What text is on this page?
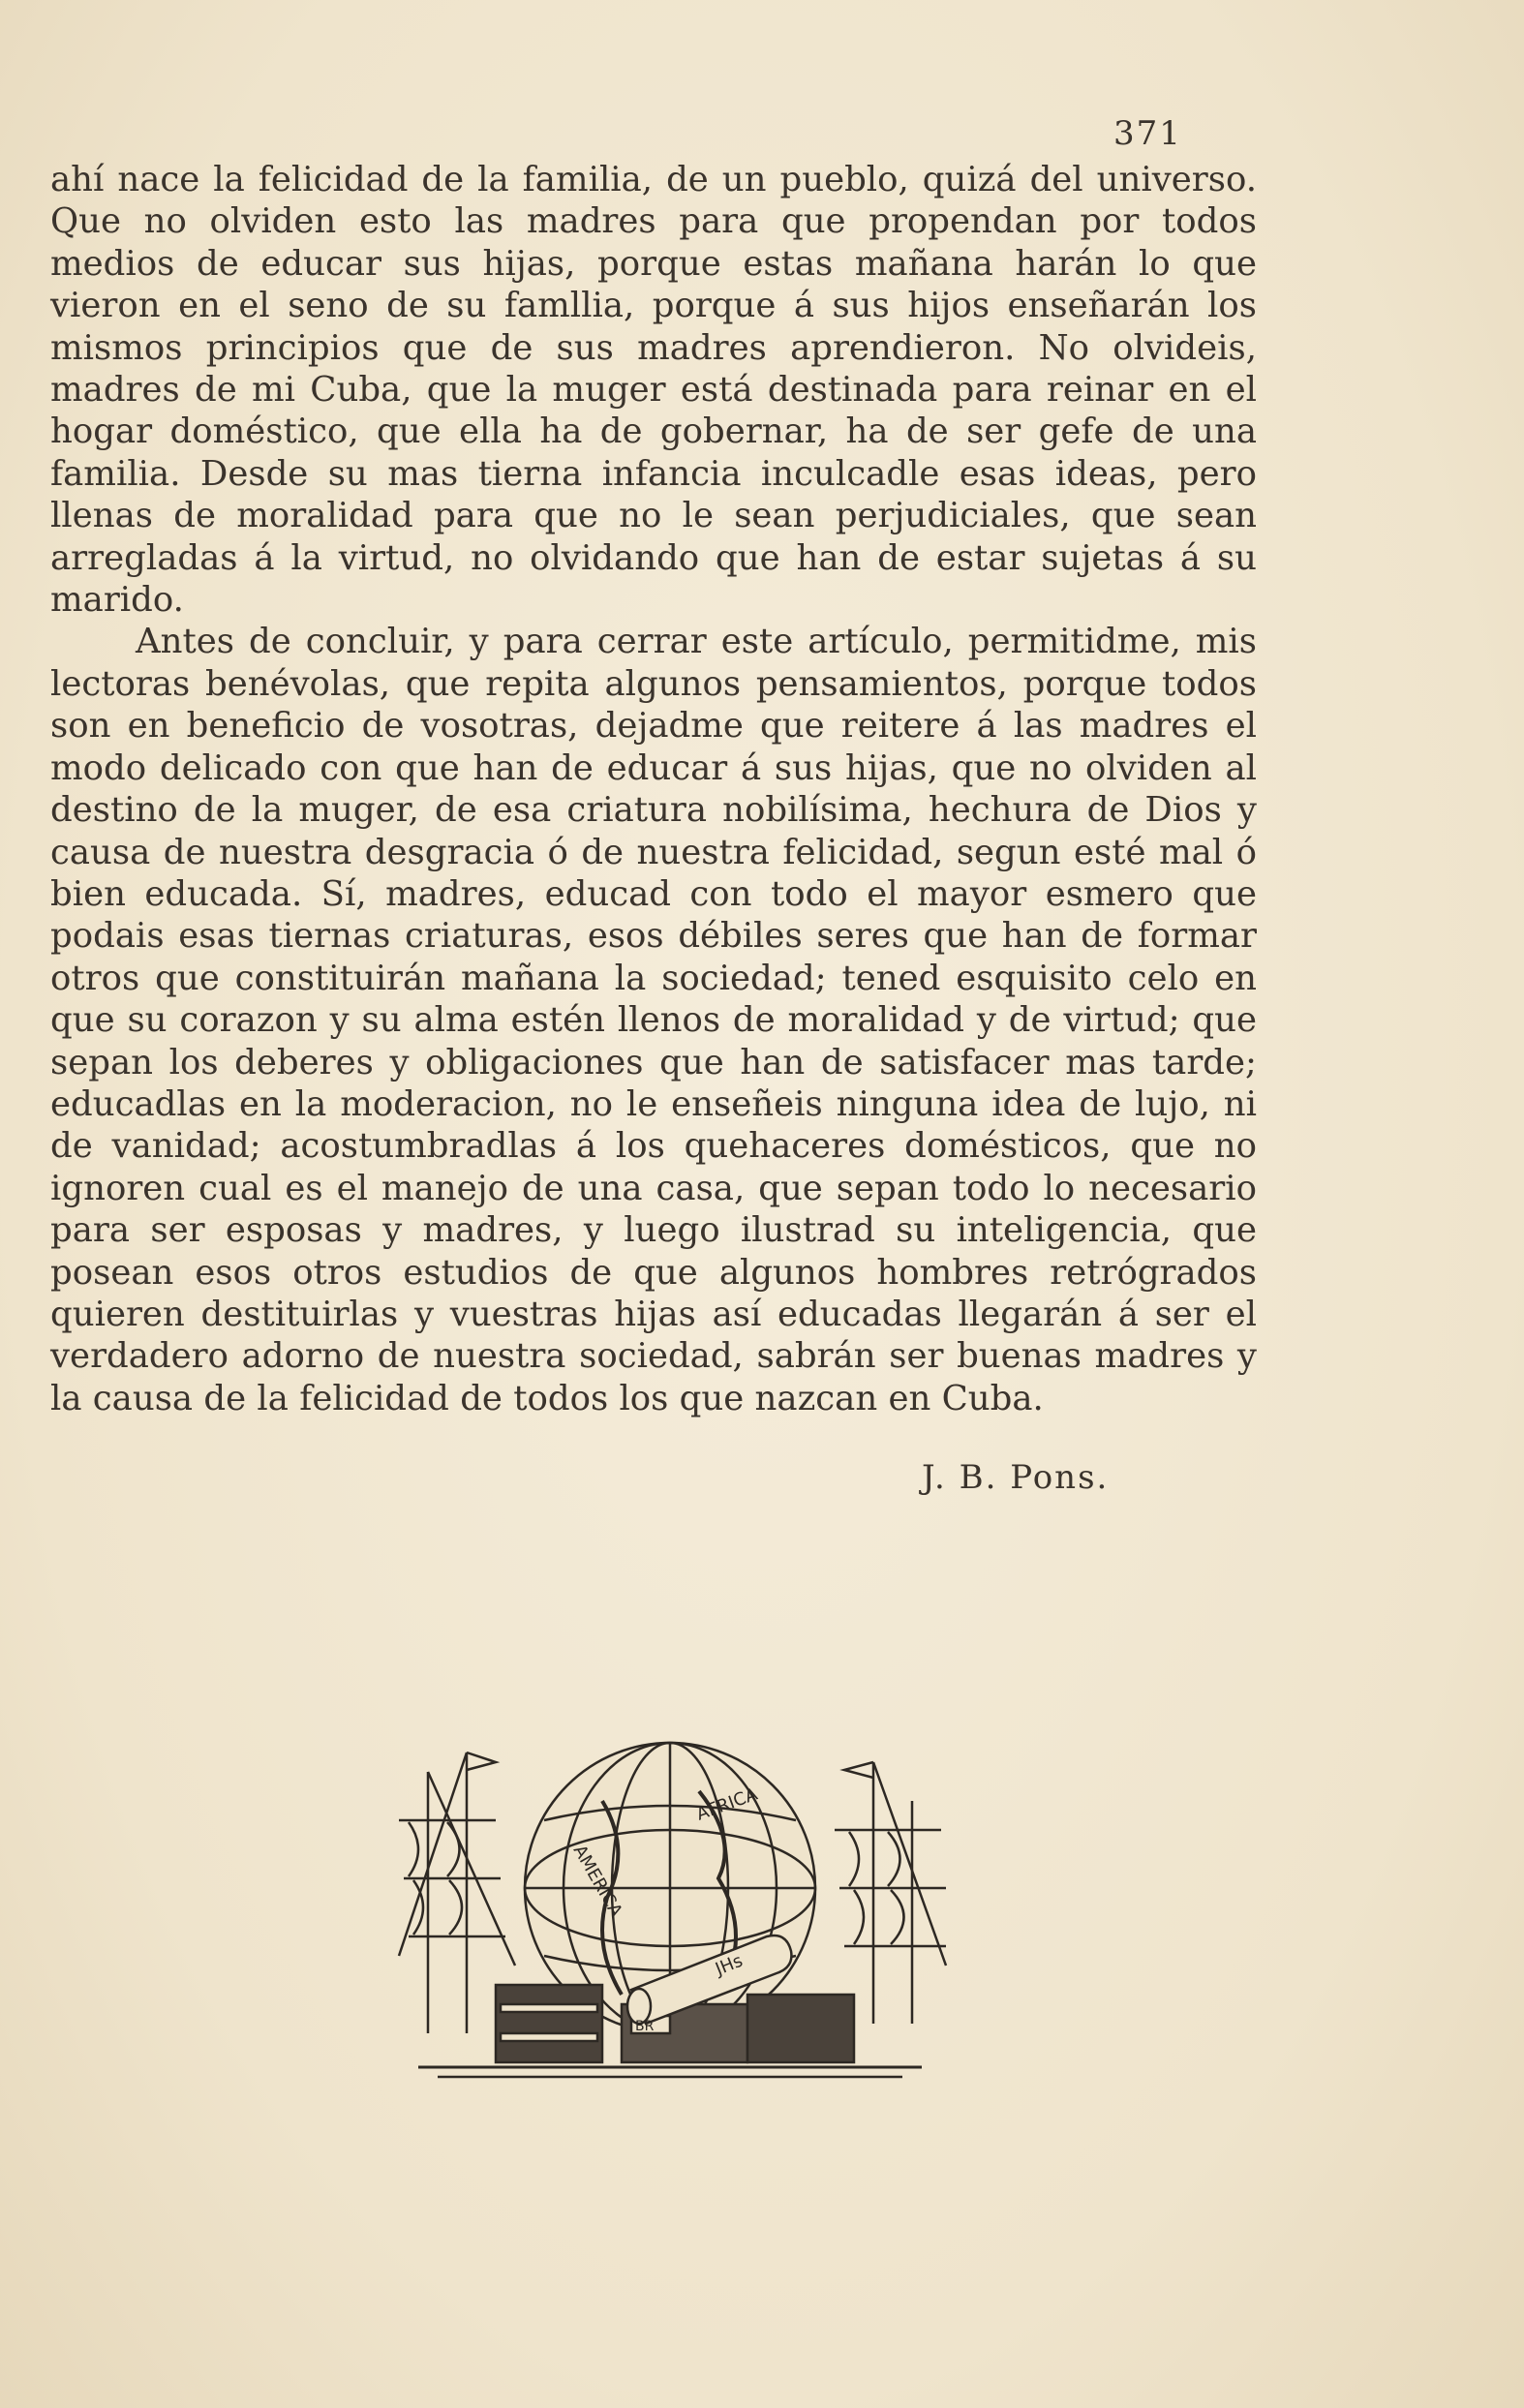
371

ahí nace la felicidad de la familia, de un pueblo, quizá del universo. Que no olviden esto las madres para que propendan por todos medios de educar sus hijas, porque estas mañana harán lo que vieron en el seno de su famllia, porque á sus hijos enseñarán los mismos principios que de sus madres aprendieron. No olvideis, madres de mi Cuba, que la muger está destinada para reinar en el hogar doméstico, que ella ha de gobernar, ha de ser gefe de una familia. Desde su mas tierna infancia inculcadle esas ideas, pero llenas de moralidad para que no le sean perjudiciales, que sean arregladas á la virtud, no olvidando que han de estar sujetas á su marido.

Antes de concluir, y para cerrar este artículo, permitidme, mis lectoras benévolas, que repita algunos pensamientos, porque todos son en beneficio de vosotras, dejadme que reitere á las madres el modo delicado con que han de educar á sus hijas, que no olviden al destino de la muger, de esa criatura nobilísima, hechura de Dios y causa de nuestra desgracia ó de nuestra felicidad, segun esté mal ó bien educada. Sí, madres, educad con todo el mayor esmero que podais esas tiernas criaturas, esos débiles seres que han de formar otros que constituirán mañana la sociedad; tened esquisito celo en que su corazon y su alma estén llenos de moralidad y de virtud; que sepan los deberes y obligaciones que han de satisfacer mas tarde; educadlas en la moderacion, no le enseñeis ninguna idea de lujo, ni de vanidad; acostumbradlas á los quehaceres domésticos, que no ignoren cual es el manejo de una casa, que sepan todo lo necesario para ser esposas y madres, y luego ilustrad su inteligencia, que posean esos otros estudios de que algunos hombres retrógrados quieren destituirlas y vuestras hijas así educadas llegarán á ser el verdadero adorno de nuestra sociedad, sabrán ser buenas madres y la causa de la felicidad de todos los que nazcan en Cuba.

J. B. Pons.
AMERICA
AFRICA
JHs
BR
